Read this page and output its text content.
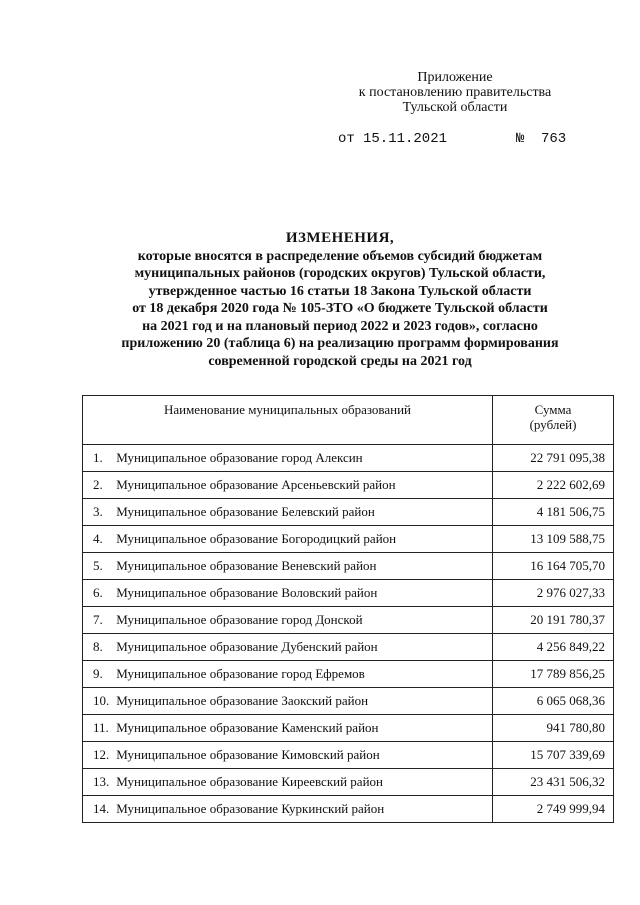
Приложение
к постановлению правительства
Тульской области
от 15.11.2021	№ 763
ИЗМЕНЕНИЯ,
которые вносятся в распределение объемов субсидий бюджетам
муниципальных районов (городских округов) Тульской области,
утвержденное частью 16 статьи 18 Закона Тульской области
от 18 декабря 2020 года № 105-ЗТО «О бюджете Тульской области
на 2021 год и на плановый период 2022 и 2023 годов», согласно
приложению 20 (таблица 6) на реализацию программ формирования
современной городской среды на 2021 год
Наименование муниципальных образований	Сумма
(рублей)

1. Муниципальное образование город Алексин	22 791 095,38
2. Муниципальное образование Арсеньевский район	2 222 602,69
3. Муниципальное образование Белевский район	4 181 506,75
4. Муниципальное образование Богородицкий район	13 109 588,75
5. Муниципальное образование Веневский район	16 164 705,70
6. Муниципальное образование Воловский район	2 976 027,33
7. Муниципальное образование город Донской	20 191 780,37
8. Муниципальное образование Дубенский район	4 256 849,22
9. Муниципальное образование город Ефремов	17 789 856,25
10. Муниципальное образование Заокский район	6 065 068,36
11. Муниципальное образование Каменский район	941 780,80
12. Муниципальное образование Кимовский район	15 707 339,69
13. Муниципальное образование Киреевский район	23 431 506,32
14. Муниципальное образование Куркинский район	2 749 999,94
